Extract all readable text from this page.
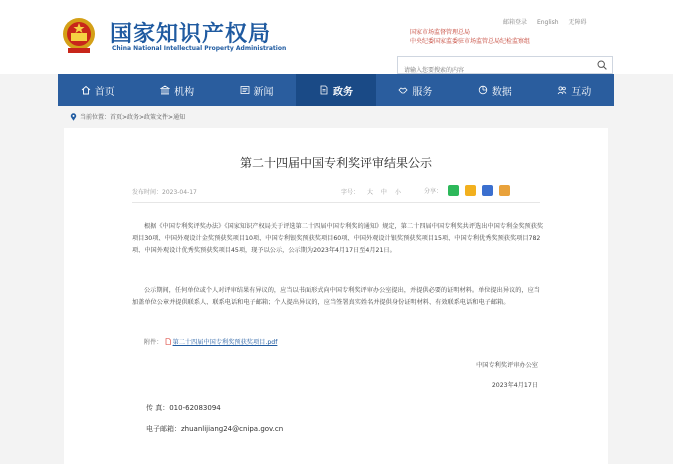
国家知识产权局
China National Intellectual Property Administration
邮箱登录 English 无障碍
国家市场监督管理总局
中央纪委国家监委驻市场监管总局纪检监察组
请输入您要搜索的内容
首页	机构	新闻	政务	服务	数据	互动
当前位置：首页>政务>政策文件>通知
第二十四届中国专利奖评审结果公示
发布时间：2023-04-17	字号： 大 中 小	分享：
根据《中国专利奖评奖办法》《国家知识产权局关于评选第二十四届中国专利奖的通知》规定，第二十四届中国专利奖共评选出中国专利金奖预获奖项目30项、中国外观设计金奖预获奖项目10项、中国专利银奖预获奖项目60项、中国外观设计银奖预获奖项目15项、中国专利优秀奖预获奖项目782项、中国外观设计优秀奖预获奖项目45项，现予以公示，公示期为2023年4月17日至4月21日。
公示期间，任何单位或个人对评审结果有异议的，应当以书面形式向中国专利奖评审办公室提出，并提供必要的证明材料。单位提出异议的，应当加盖单位公章并提供联系人、联系电话和电子邮箱；个人提出异议的，应当签署真实姓名并提供身份证明材料、有效联系电话和电子邮箱。
附件： 第二十四届中国专利奖预获奖项目.pdf
中国专利奖评审办公室
2023年4月17日
传 真：010-62083094
电子邮箱：zhuanlijiang24@cnipa.gov.cn
